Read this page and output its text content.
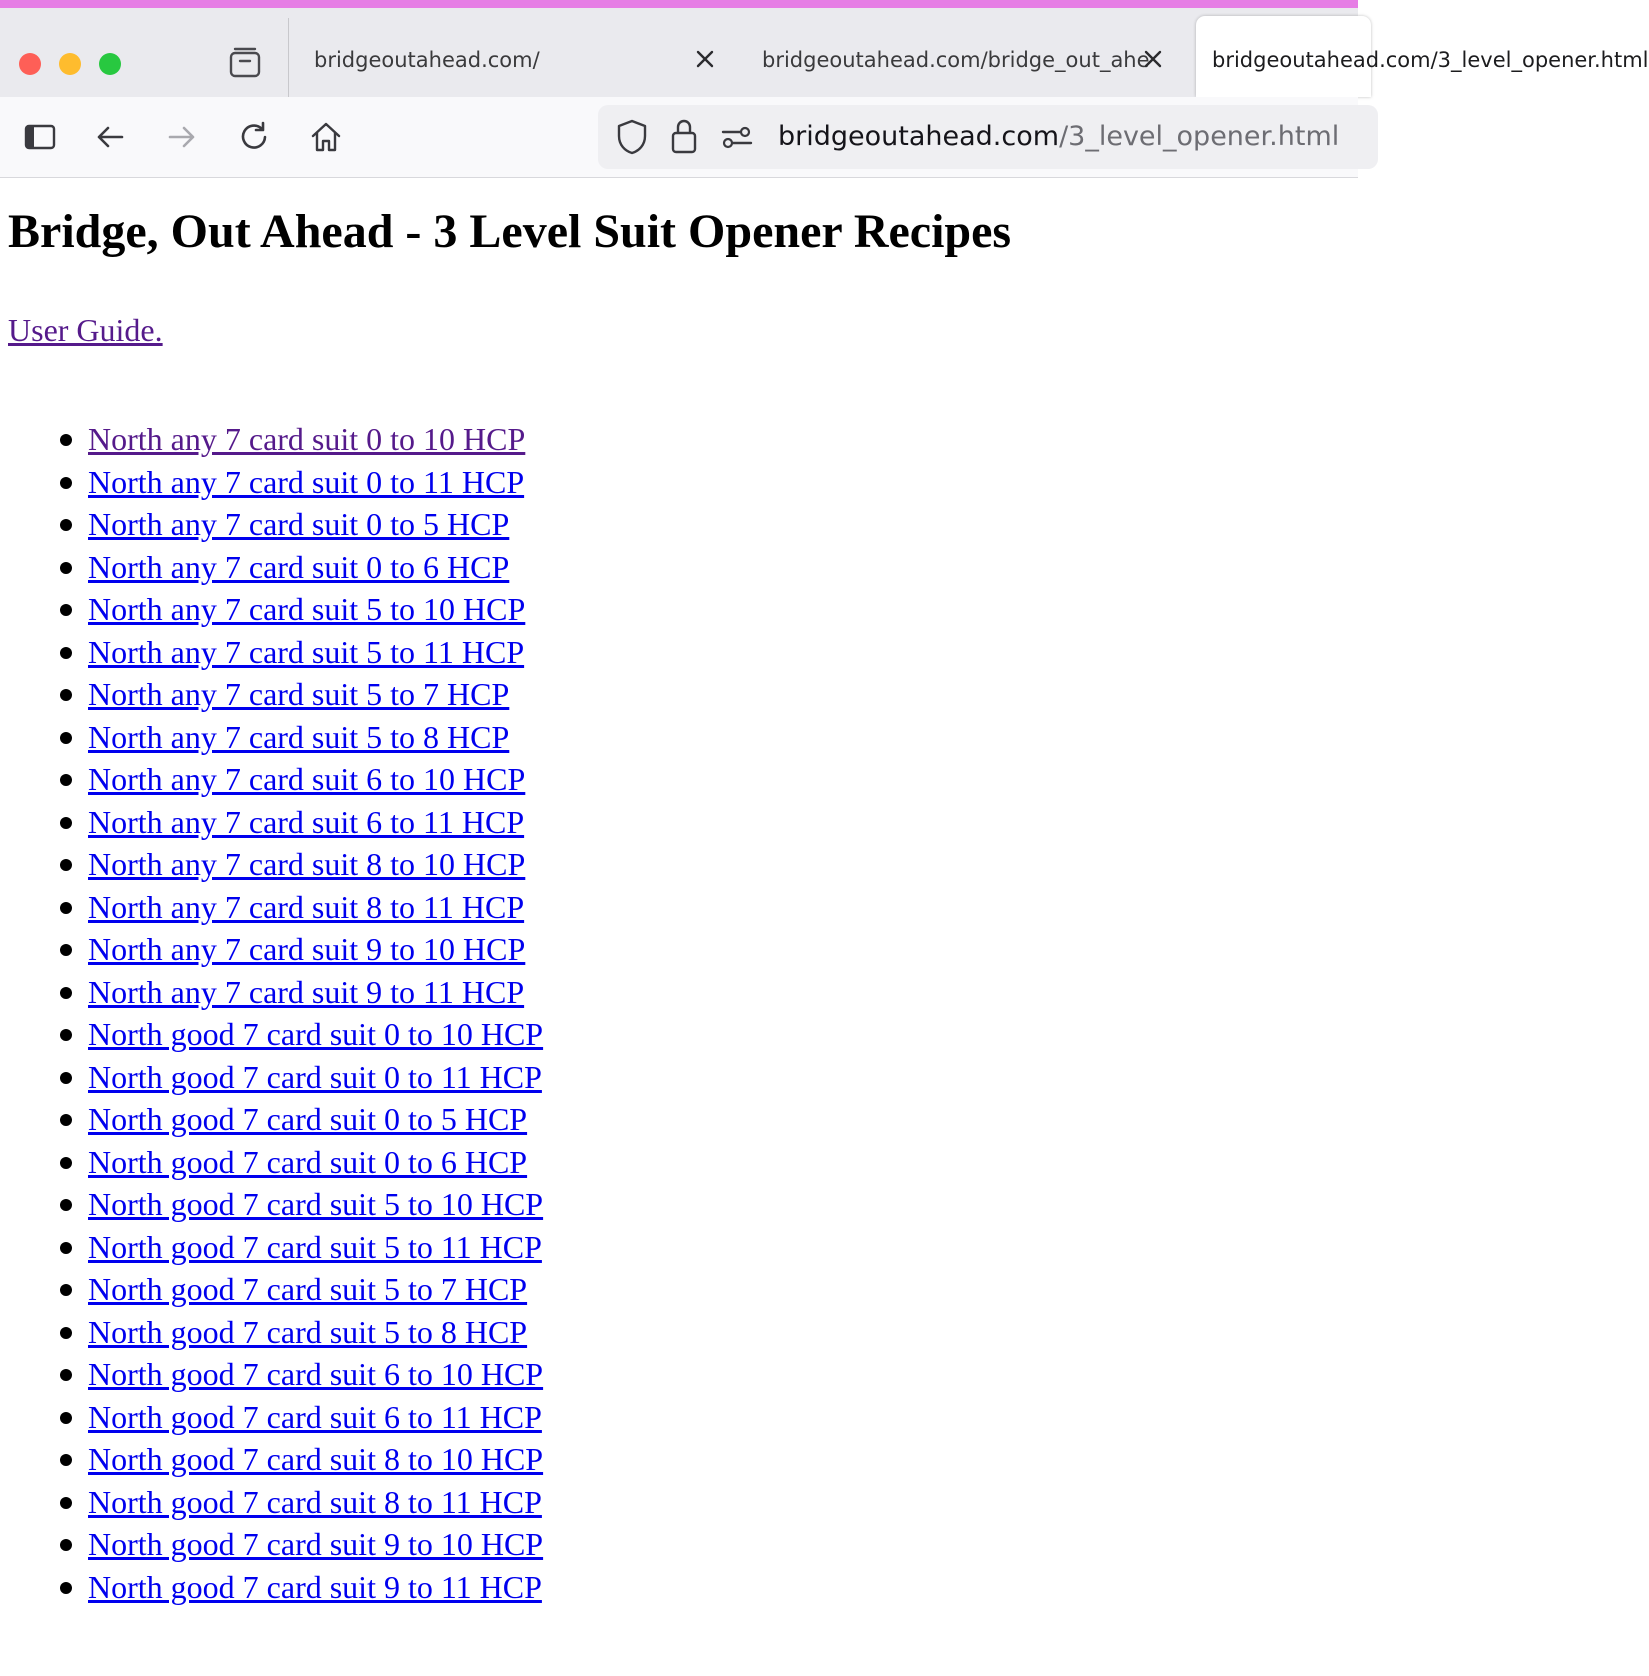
bridgeoutahead.com/	bridgeoutahead.com/bridge_out_ahe	bridgeoutahead.com/3_level_opener.html
bridgeoutahead.com/3_level_opener.html
Bridge, Out Ahead - 3 Level Suit Opener Recipes
User Guide.
North any 7 card suit 0 to 10 HCP
North any 7 card suit 0 to 11 HCP
North any 7 card suit 0 to 5 HCP
North any 7 card suit 0 to 6 HCP
North any 7 card suit 5 to 10 HCP
North any 7 card suit 5 to 11 HCP
North any 7 card suit 5 to 7 HCP
North any 7 card suit 5 to 8 HCP
North any 7 card suit 6 to 10 HCP
North any 7 card suit 6 to 11 HCP
North any 7 card suit 8 to 10 HCP
North any 7 card suit 8 to 11 HCP
North any 7 card suit 9 to 10 HCP
North any 7 card suit 9 to 11 HCP
North good 7 card suit 0 to 10 HCP
North good 7 card suit 0 to 11 HCP
North good 7 card suit 0 to 5 HCP
North good 7 card suit 0 to 6 HCP
North good 7 card suit 5 to 10 HCP
North good 7 card suit 5 to 11 HCP
North good 7 card suit 5 to 7 HCP
North good 7 card suit 5 to 8 HCP
North good 7 card suit 6 to 10 HCP
North good 7 card suit 6 to 11 HCP
North good 7 card suit 8 to 10 HCP
North good 7 card suit 8 to 11 HCP
North good 7 card suit 9 to 10 HCP
North good 7 card suit 9 to 11 HCP
